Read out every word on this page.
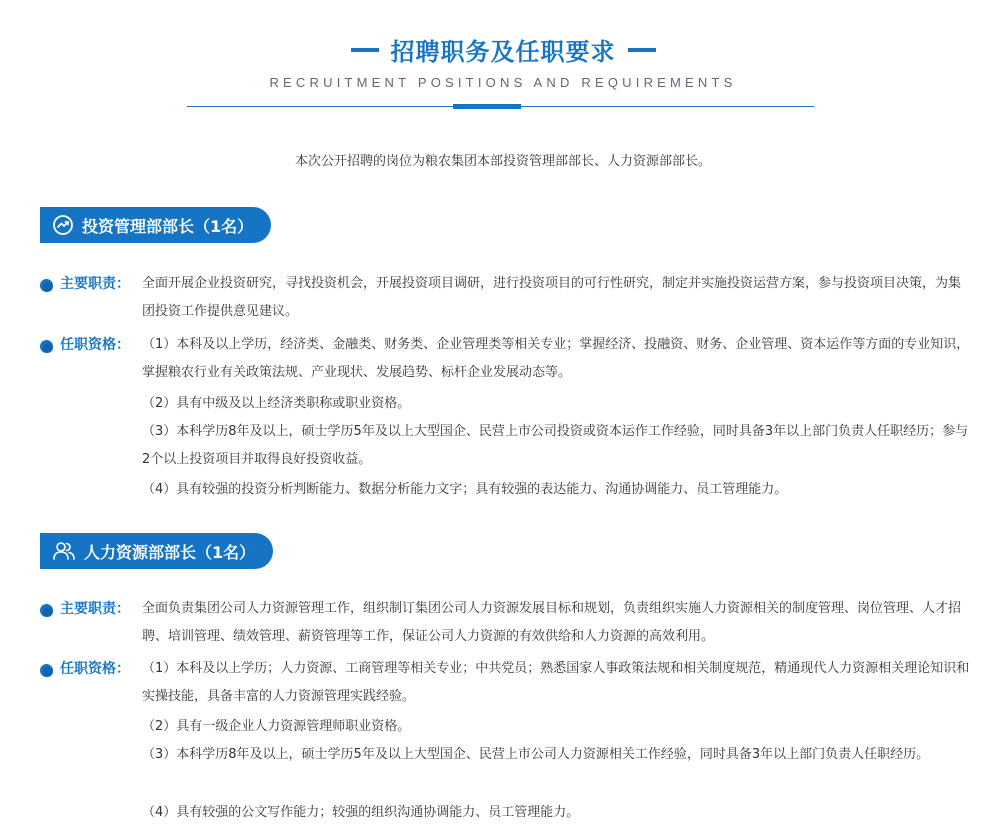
招聘职务及任职要求
RECRUITMENT POSITIONS AND REQUIREMENTS
本次公开招聘的岗位为粮农集团本部投资管理部部长、人力资源部部长。
投资管理部部长（1名）
主要职责： 全面开展企业投资研究，寻找投资机会，开展投资项目调研，进行投资项目的可行性研究，制定并实施投资运营方案，参与投资项目决策，为集团投资工作提供意见建议。
任职资格： （1）本科及以上学历，经济类、金融类、财务类、企业管理类等相关专业；掌握经济、投融资、财务、企业管理、资本运作等方面的专业知识，掌握粮农行业有关政策法规、产业现状、发展趋势、标杆企业发展动态等。
（2）具有中级及以上经济类职称或职业资格。
（3）本科学历8年及以上，硕士学历5年及以上大型国企、民营上市公司投资或资本运作工作经验，同时具备3年以上部门负责人任职经历；参与2个以上投资项目并取得良好投资收益。
（4）具有较强的投资分析判断能力、数据分析能力文字；具有较强的表达能力、沟通协调能力、员工管理能力。
人力资源部部长（1名）
主要职责： 全面负责集团公司人力资源管理工作，组织制订集团公司人力资源发展目标和规划，负责组织实施人力资源相关的制度管理、岗位管理、人才招聘、培训管理、绩效管理、薪资管理等工作，保证公司人力资源的有效供给和人力资源的高效利用。
任职资格： （1）本科及以上学历；人力资源、工商管理等相关专业；中共党员；熟悉国家人事政策法规和相关制度规范，精通现代人力资源相关理论知识和实操技能，具备丰富的人力资源管理实践经验。
（2）具有一级企业人力资源管理师职业资格。
（3）本科学历8年及以上，硕士学历5年及以上大型国企、民营上市公司人力资源相关工作经验，同时具备3年以上部门负责人任职经历。
（4）具有较强的公文写作能力；较强的组织沟通协调能力、员工管理能力。
